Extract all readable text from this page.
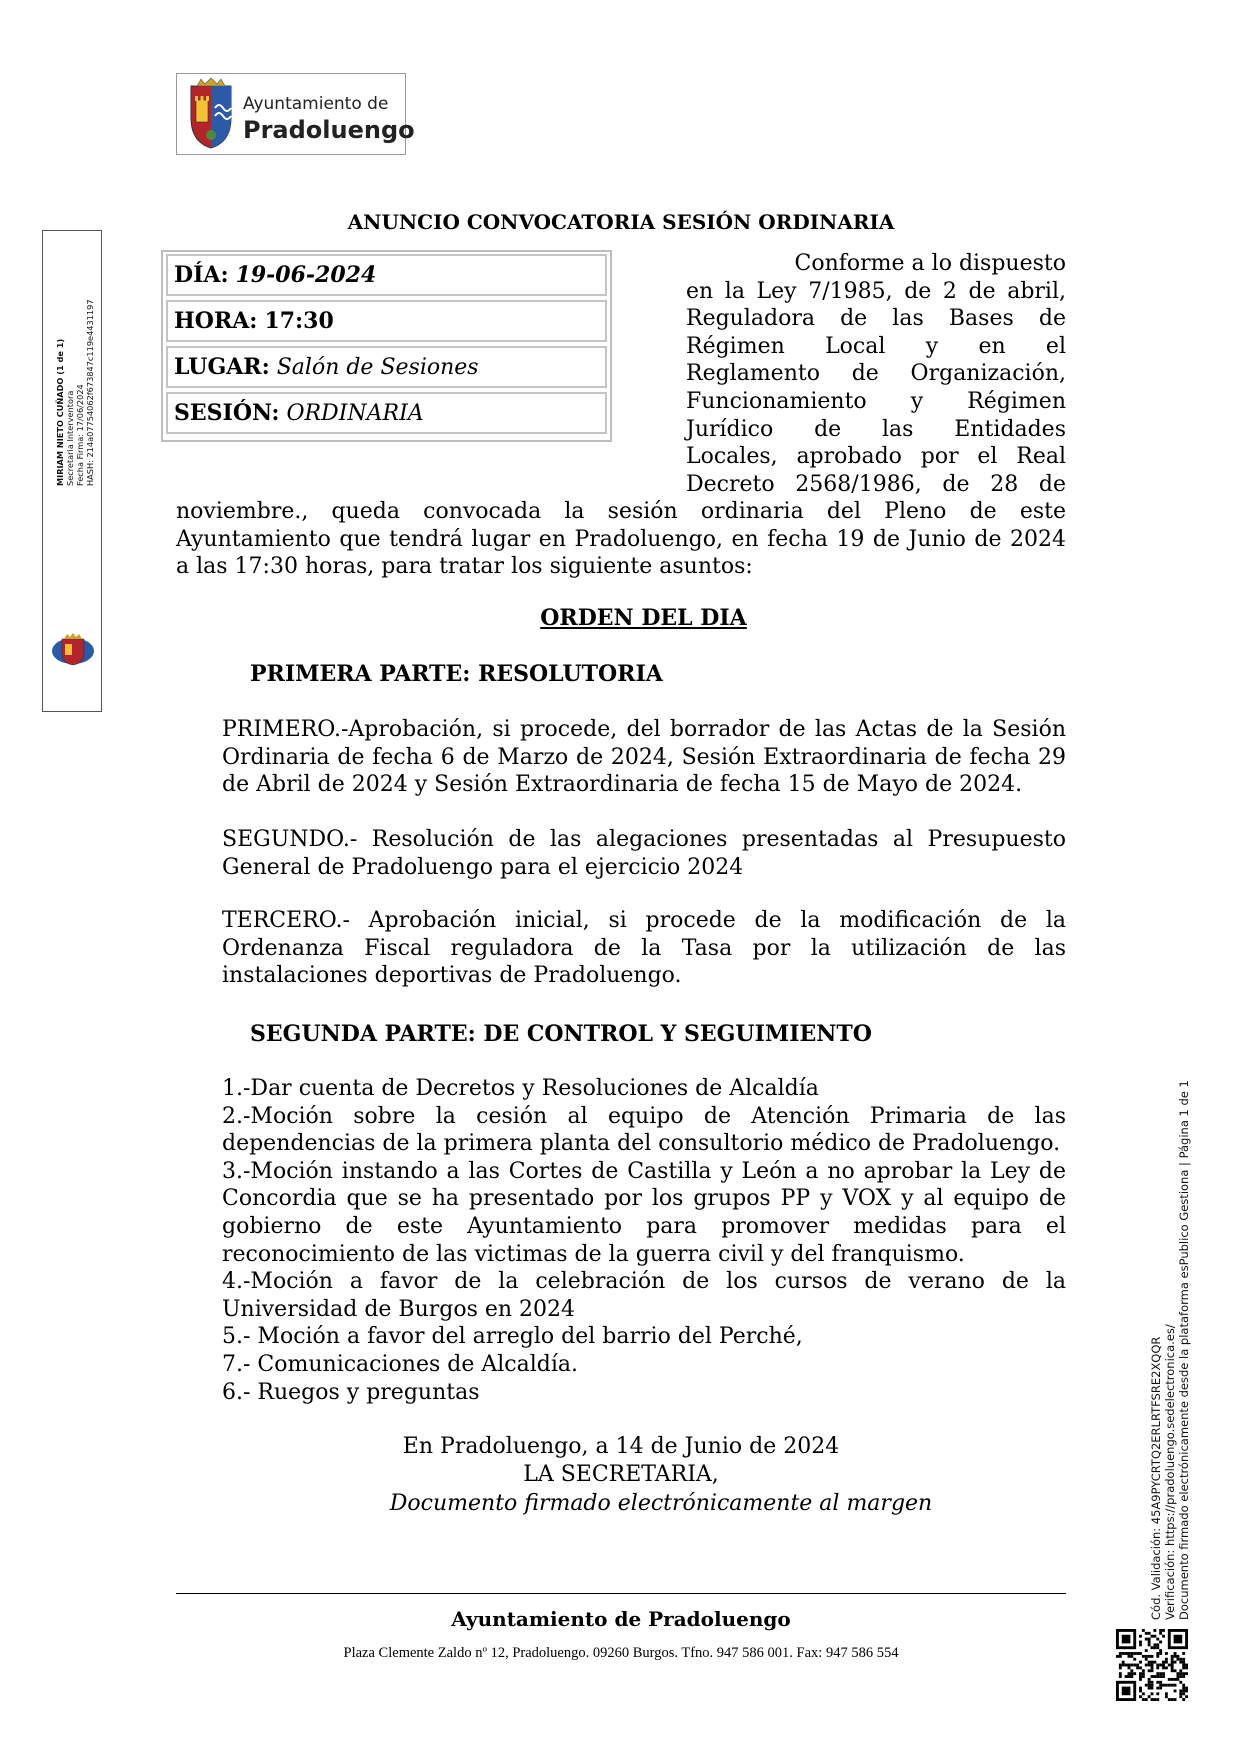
Ayuntamiento de
Pradoluengo
MIRIAM NIETO CUÑADO (1 de 1) Secretaria Interventora Fecha Firma: 17/06/2024 HASH: 214a07754062f673847c119e4431197
Cód. Validación: 45A9PYCRTQ2ERLRTFSRE2XQQR Verificación: https://pradoluengo.sedelectronica.es/ Documento firmado electrónicamente desde la plataforma esPublico Gestiona | Página 1 de 1
ANUNCIO CONVOCATORIA SESIÓN ORDINARIA
DÍA: 19-06-2024
HORA: 17:30
LUGAR: Salón de Sesiones
SESIÓN: ORDINARIA
Conforme a lo dispuesto
en la Ley 7/1985, de 2 de abril,
Reguladora de las Bases de
Régimen Local y en el
Reglamento de Organización,
Funcionamiento y Régimen
Jurídico de las Entidades
Locales, aprobado por el Real
Decreto 2568/1986, de 28 de
noviembre., queda convocada la sesión ordinaria del Pleno de este Ayuntamiento que tendrá lugar en Pradoluengo, en fecha 19 de Junio de 2024 a las 17:30 horas, para tratar los siguiente asuntos:
ORDEN DEL DIA
PRIMERA PARTE: RESOLUTORIA
PRIMERO.-Aprobación, si procede, del borrador de las Actas de la Sesión Ordinaria de fecha 6 de Marzo de 2024, Sesión Extraordinaria de fecha 29 de Abril de 2024 y Sesión Extraordinaria de fecha 15 de Mayo de 2024.
SEGUNDO.- Resolución de las alegaciones presentadas al Presupuesto General de Pradoluengo para el ejercicio 2024
TERCERO.- Aprobación inicial, si procede de la modificación de la Ordenanza Fiscal reguladora de la Tasa por la utilización de las instalaciones deportivas de Pradoluengo.
SEGUNDA PARTE: DE CONTROL Y SEGUIMIENTO
1.-Dar cuenta de Decretos y Resoluciones de Alcaldía
2.-Moción sobre la cesión al equipo de Atención Primaria de las dependencias de la primera planta del consultorio médico de Pradoluengo.
3.-Moción instando a las Cortes de Castilla y León a no aprobar la Ley de Concordia que se ha presentado por los grupos PP y VOX y al equipo de gobierno de este Ayuntamiento para promover medidas para el reconocimiento de las victimas de la guerra civil y del franquismo.
4.-Moción a favor de la celebración de los cursos de verano de la Universidad de Burgos en 2024
5.- Moción a favor del arreglo del barrio del Perché,
7.- Comunicaciones de Alcaldía.
6.- Ruegos y preguntas
En Pradoluengo, a 14 de Junio de 2024
LA SECRETARIA,
Documento firmado electrónicamente al margen
Ayuntamiento de Pradoluengo
Plaza Clemente Zaldo nº 12, Pradoluengo. 09260 Burgos. Tfno. 947 586 001. Fax: 947 586 554
